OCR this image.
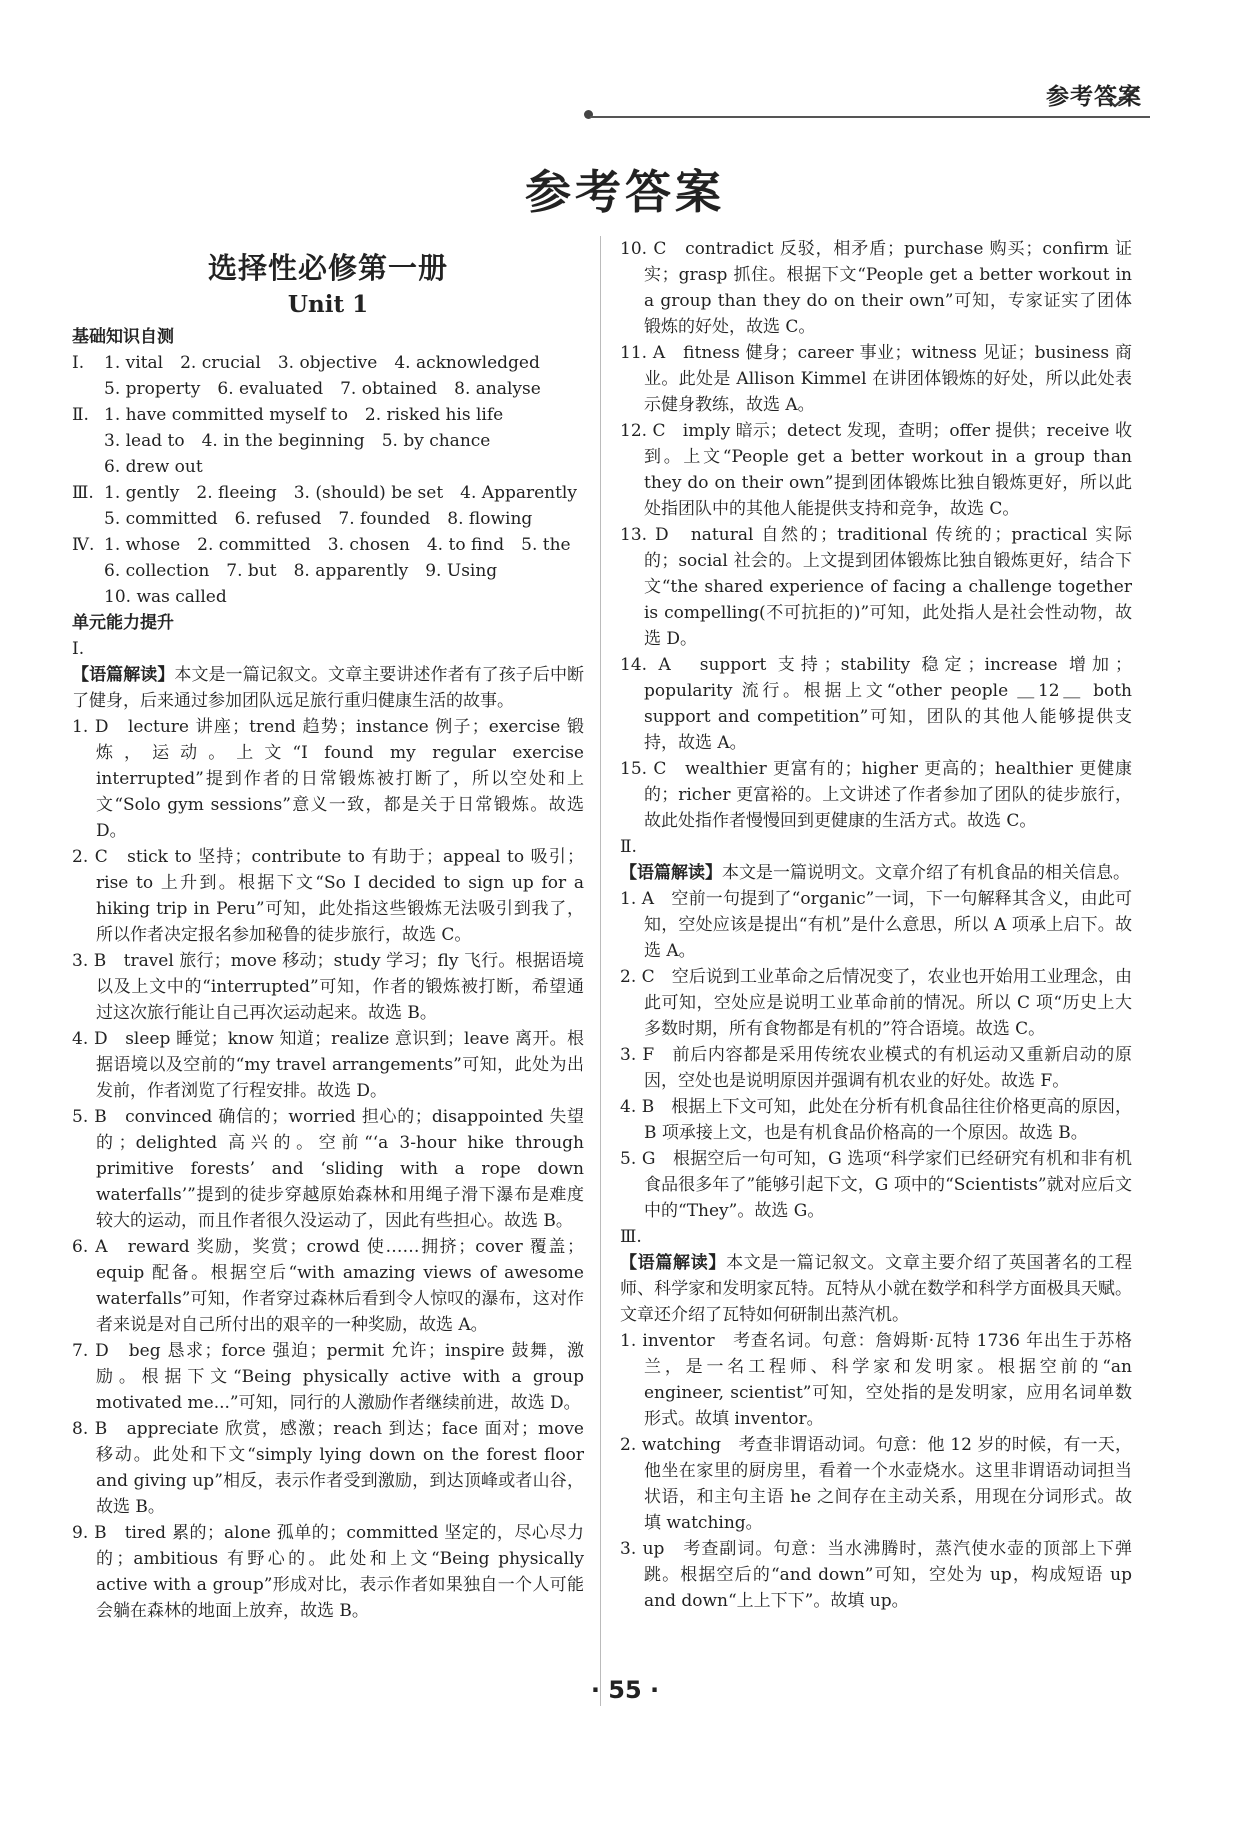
参考答案
参考答案
选择性必修第一册
Unit 1
基础知识自测
Ⅰ. 1. vital　2. crucial　3. objective　4. acknowledged
5. property　6. evaluated　7. obtained　8. analyse
Ⅱ. 1. have committed myself to　2. risked his life
3. lead to　4. in the beginning　5. by chance
6. drew out
Ⅲ. 1. gently　2. fleeing　3. (should) be set　4. Apparently
5. committed　6. refused　7. founded　8. flowing
Ⅳ. 1. whose　2. committed　3. chosen　4. to find　5. the
6. collection　7. but　8. apparently　9. Using
10. was called
单元能力提升
Ⅰ.
【语篇解读】本文是一篇记叙文。文章主要讲述作者有了孩子后中断了健身，后来通过参加团队远足旅行重归健康生活的故事。
1. D　lecture 讲座；trend 趋势；instance 例子；exercise 锻炼，运动。上文“I found my regular exercise interrupted”提到作者的日常锻炼被打断了，所以空处和上文“Solo gym sessions”意义一致，都是关于日常锻炼。故选 D。
2. C　stick to 坚持；contribute to 有助于；appeal to 吸引；rise to 上升到。根据下文“So I decided to sign up for a hiking trip in Peru”可知，此处指这些锻炼无法吸引到我了，所以作者决定报名参加秘鲁的徒步旅行，故选 C。
3. B　travel 旅行；move 移动；study 学习；fly 飞行。根据语境以及上文中的“interrupted”可知，作者的锻炼被打断，希望通过这次旅行能让自己再次运动起来。故选 B。
4. D　sleep 睡觉；know 知道；realize 意识到；leave 离开。根据语境以及空前的“my travel arrangements”可知，此处为出发前，作者浏览了行程安排。故选 D。
5. B　convinced 确信的；worried 担心的；disappointed 失望的；delighted 高兴的。空前“‘a 3-hour hike through primitive forests’ and ‘sliding with a rope down waterfalls’”提到的徒步穿越原始森林和用绳子滑下瀑布是难度较大的运动，而且作者很久没运动了，因此有些担心。故选 B。
6. A　reward 奖励，奖赏；crowd 使……拥挤；cover 覆盖；equip 配备。根据空后“with amazing views of awesome waterfalls”可知，作者穿过森林后看到令人惊叹的瀑布，这对作者来说是对自己所付出的艰辛的一种奖励，故选 A。
7. D　beg 恳求；force 强迫；permit 允许；inspire 鼓舞，激励。根据下文“Being physically active with a group motivated me...”可知，同行的人激励作者继续前进，故选 D。
8. B　appreciate 欣赏，感激；reach 到达；face 面对；move 移动。此处和下文“simply lying down on the forest floor and giving up”相反，表示作者受到激励，到达顶峰或者山谷，故选 B。
9. B　tired 累的；alone 孤单的；committed 坚定的，尽心尽力的；ambitious 有野心的。此处和上文“Being physically active with a group”形成对比，表示作者如果独自一个人可能会躺在森林的地面上放弃，故选 B。
10. C　contradict 反驳，相矛盾；purchase 购买；confirm 证实；grasp 抓住。根据下文“People get a better workout in a group than they do on their own”可知，专家证实了团体锻炼的好处，故选 C。
11. A　fitness 健身；career 事业；witness 见证；business 商业。此处是 Allison Kimmel 在讲团体锻炼的好处，所以此处表示健身教练，故选 A。
12. C　imply 暗示；detect 发现，查明；offer 提供；receive 收到。上文“People get a better workout in a group than they do on their own”提到团体锻炼比独自锻炼更好，所以此处指团队中的其他人能提供支持和竞争，故选 C。
13. D　natural 自然的；traditional 传统的；practical 实际的；social 社会的。上文提到团体锻炼比独自锻炼更好，结合下文“the shared experience of facing a challenge together is compelling(不可抗拒的)”可知，此处指人是社会性动物，故选 D。
14. A　support 支持；stability 稳定；increase 增加；popularity 流行。根据上文“other people ＿12＿ both support and competition”可知，团队的其他人能够提供支持，故选 A。
15. C　wealthier 更富有的；higher 更高的；healthier 更健康的；richer 更富裕的。上文讲述了作者参加了团队的徒步旅行，故此处指作者慢慢回到更健康的生活方式。故选 C。
Ⅱ.
【语篇解读】本文是一篇说明文。文章介绍了有机食品的相关信息。
1. A　空前一句提到了“organic”一词，下一句解释其含义，由此可知，空处应该是提出“有机”是什么意思，所以 A 项承上启下。故选 A。
2. C　空后说到工业革命之后情况变了，农业也开始用工业理念，由此可知，空处应是说明工业革命前的情况。所以 C 项“历史上大多数时期，所有食物都是有机的”符合语境。故选 C。
3. F　前后内容都是采用传统农业模式的有机运动又重新启动的原因，空处也是说明原因并强调有机农业的好处。故选 F。
4. B　根据上下文可知，此处在分析有机食品往往价格更高的原因，B 项承接上文，也是有机食品价格高的一个原因。故选 B。
5. G　根据空后一句可知，G 选项“科学家们已经研究有机和非有机食品很多年了”能够引起下文，G 项中的“Scientists”就对应后文中的“They”。故选 G。
Ⅲ.
【语篇解读】本文是一篇记叙文。文章主要介绍了英国著名的工程师、科学家和发明家瓦特。瓦特从小就在数学和科学方面极具天赋。文章还介绍了瓦特如何研制出蒸汽机。
1. inventor　考查名词。句意：詹姆斯·瓦特 1736 年出生于苏格兰，是一名工程师、科学家和发明家。根据空前的“an engineer, scientist”可知，空处指的是发明家，应用名词单数形式。故填 inventor。
2. watching　考查非谓语动词。句意：他 12 岁的时候，有一天，他坐在家里的厨房里，看着一个水壶烧水。这里非谓语动词担当状语，和主句主语 he 之间存在主动关系，用现在分词形式。故填 watching。
3. up　考查副词。句意：当水沸腾时，蒸汽使水壶的顶部上下弹跳。根据空后的“and down”可知，空处为 up，构成短语 up and down“上上下下”。故填 up。
· 55 ·
